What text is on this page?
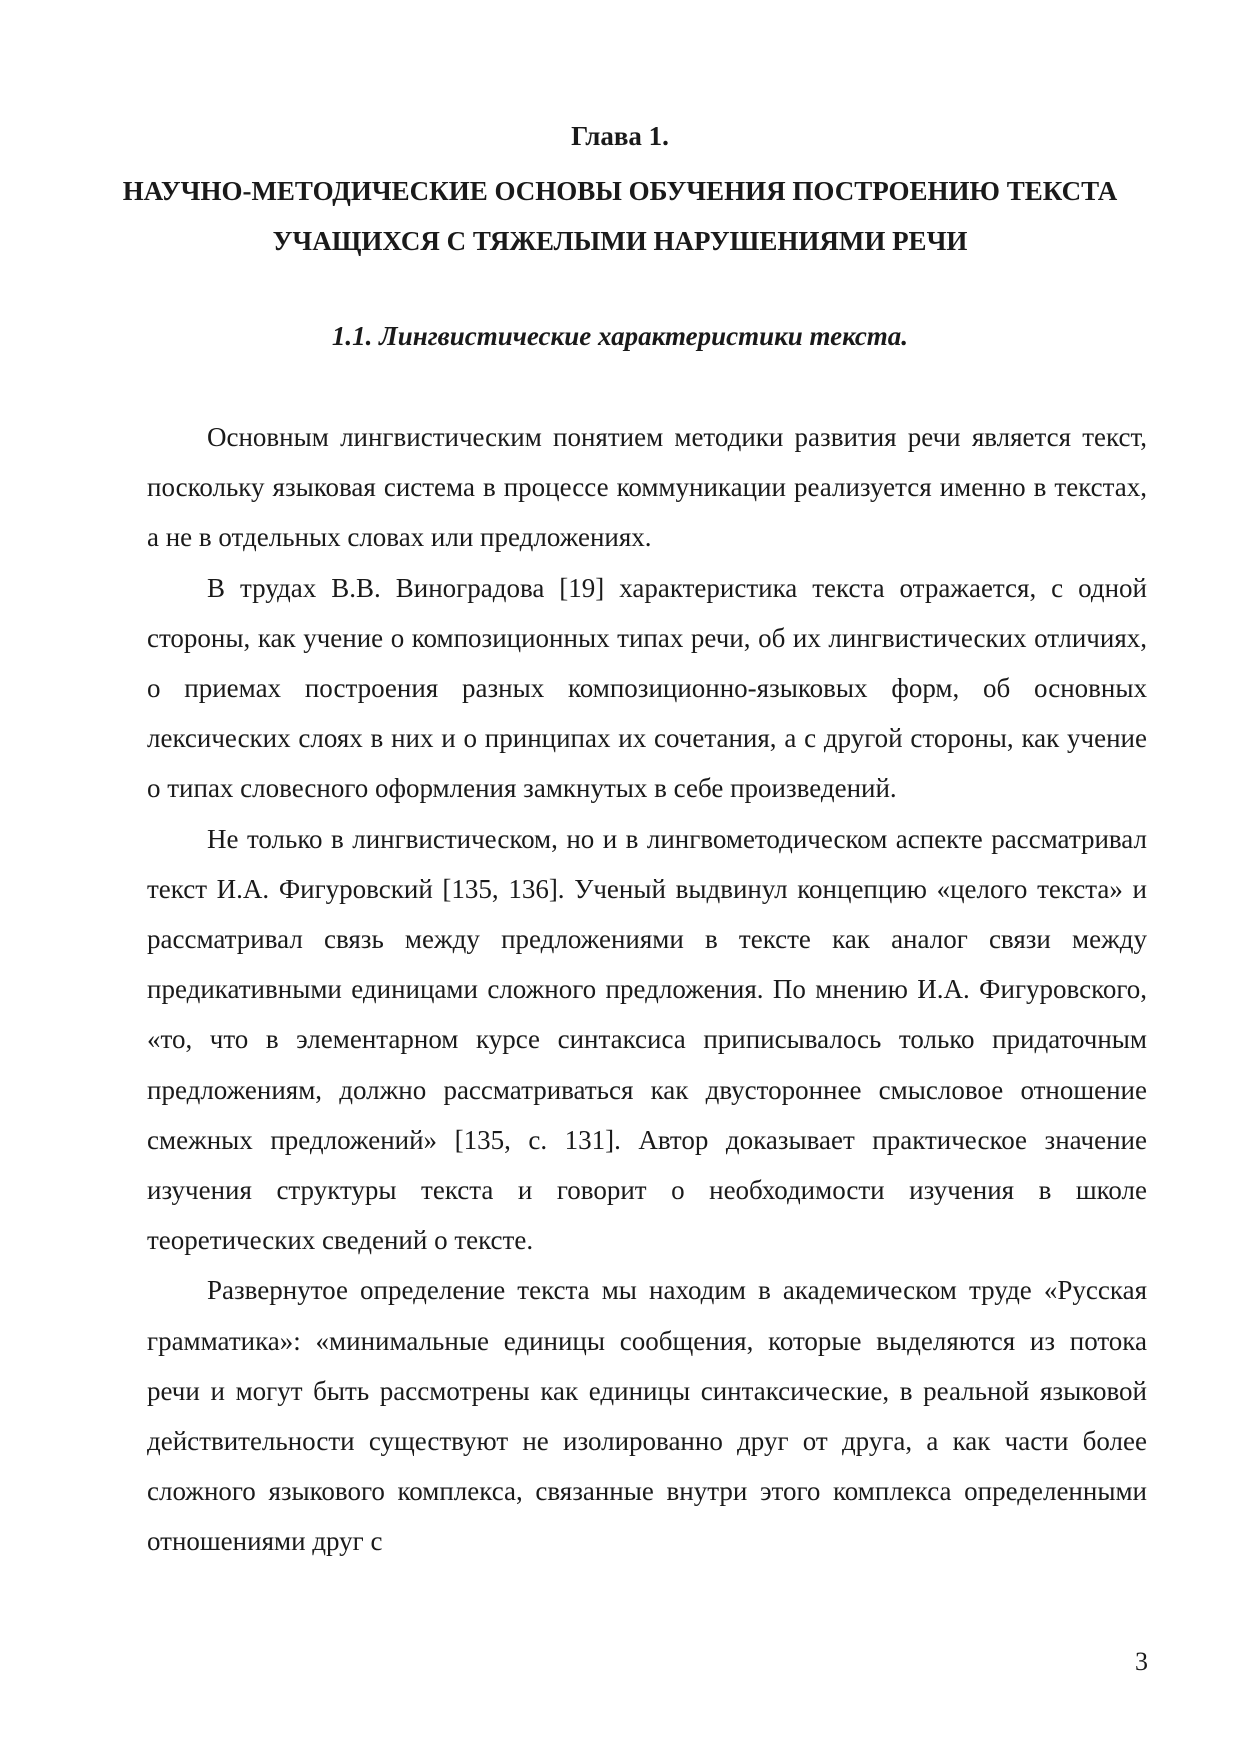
Глава 1.
НАУЧНО-МЕТОДИЧЕСКИЕ ОСНОВЫ ОБУЧЕНИЯ ПОСТРОЕНИЮ ТЕКСТА УЧАЩИХСЯ С ТЯЖЕЛЫМИ НАРУШЕНИЯМИ РЕЧИ
1.1. Лингвистические характеристики текста.

Основным лингвистическим понятием методики развития речи является текст, поскольку языковая система в процессе коммуникации реализуется именно в текстах, а не в отдельных словах или предложениях.

В трудах В.В. Виноградова [19] характеристика текста отражается, с одной стороны, как учение о композиционных типах речи, об их лингвистических отличиях, о приемах построения разных композиционно-языковых форм, об основных лексических слоях в них и о принципах их сочетания, а с другой стороны, как учение о типах словесного оформления замкнутых в себе произведений.

Не только в лингвистическом, но и в лингвометодическом аспекте рассматривал текст И.А. Фигуровский [135, 136]. Ученый выдвинул концепцию «целого текста» и рассматривал связь между предложениями в тексте как аналог связи между предикативными единицами сложного предложения. По мнению И.А. Фигуровского, «то, что в элементарном курсе синтаксиса приписывалось только придаточным предложениям, должно рассматриваться как двустороннее смысловое отношение смежных предложений» [135, с. 131]. Автор доказывает практическое значение изучения структуры текста и говорит о необходимости изучения в школе теоретических сведений о тексте.

Развернутое определение текста мы находим в академическом труде «Русская грамматика»: «минимальные единицы сообщения, которые выделяются из потока речи и могут быть рассмотрены как единицы синтаксические, в реальной языковой действительности существуют не изолированно друг от друга, а как части более сложного языкового комплекса, связанные внутри этого комплекса определенными отношениями друг с

3
